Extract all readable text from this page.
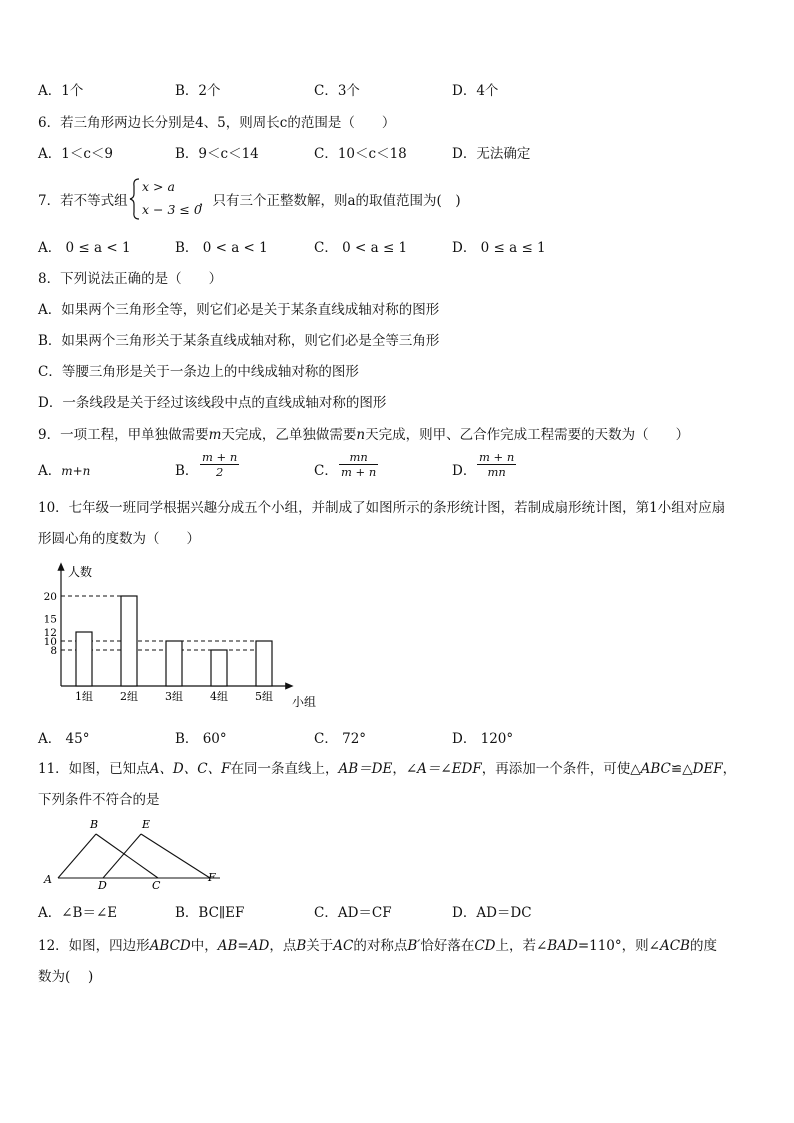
A．1个	B．2个	C．3个	D．4个
6．若三角形两边长分别是4、5，则周长c的范围是（　　）
A．1＜c＜9	B．9＜c＜14	C．10＜c＜18	D．无法确定
7．若不等式组
x > a
x − 3 ≤ 0
，只有三个正整数解，则a的取值范围为(　)
A． 0 ≤ a < 1	B． 0 < a < 1	C． 0 < a ≤ 1	D． 0 ≤ a ≤ 1
8．下列说法正确的是（　　）
A．如果两个三角形全等，则它们必是关于某条直线成轴对称的图形
B．如果两个三角形关于某条直线成轴对称，则它们必是全等三角形
C．等腰三角形是关于一条边上的中线成轴对称的图形
D．一条线段是关于经过该线段中点的直线成轴对称的图形
9．一项工程，甲单独做需要m天完成，乙单独做需要n天完成，则甲、乙合作完成工程需要的天数为（　　）
A．m+n	B． $\frac{m + n}{2}$	C． $\frac{mn}{m + n}$	D． $\frac{m + n}{mn}$
10．七年级一班同学根据兴趣分成五个小组，并制成了如图所示的条形统计图，若制成扇形统计图，第1小组对应扇
形圆心角的度数为（　　）
人数
小组
20
15
12
10
8
1组 2组 3组 4组 5组
A． 45°	B． 60°	C． 72°	D． 120°
11．如图，已知点A、D、C、F在同一条直线上，AB＝DE，∠A＝∠EDF，再添加一个条件，可使△ABC≌△DEF，
下列条件不符合的是
A
B
C
D
E
F
A．∠B＝∠E	B．BC∥EF	C．AD＝CF	D．AD＝DC
12．如图，四边形ABCD中，AB=AD，点B关于AC的对称点B′恰好落在CD上，若∠BAD=110°，则∠ACB的度
数为(　 )
